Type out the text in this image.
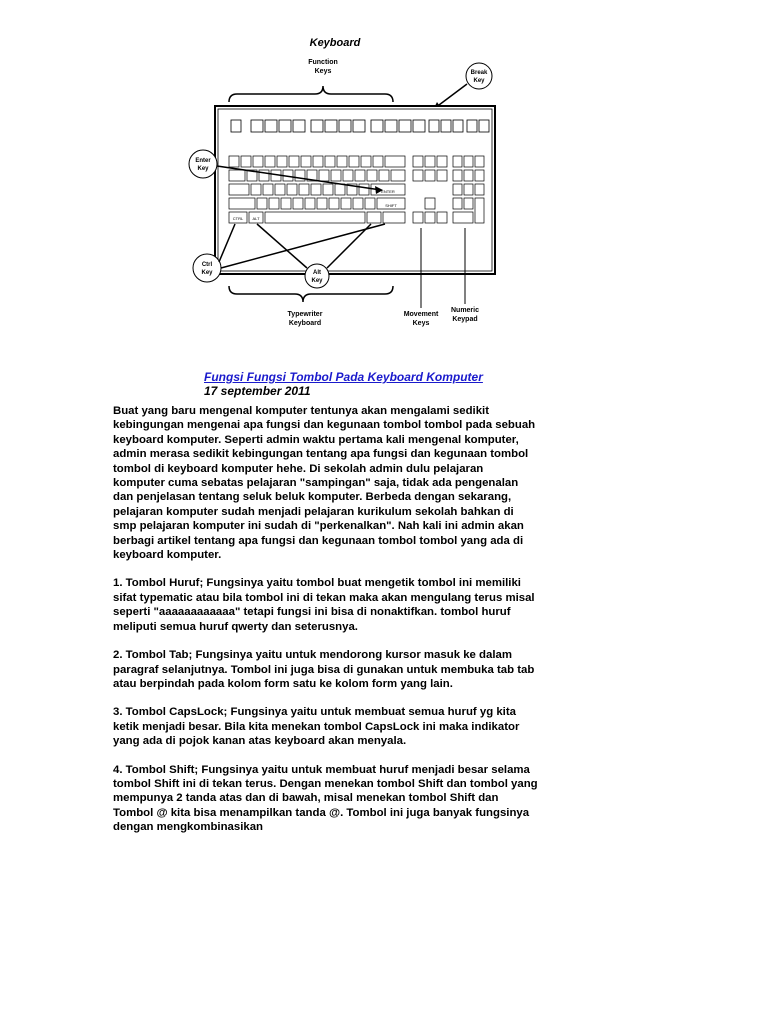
Keyboard
Function
Keys	Break
Key
ENTER
SHIFT
CTRL ALT
Enter
Key
Ctrl
Key	Alt
Key
Typewriter
Keyboard
Movement
Keys
Numeric
Keypad
Fungsi Fungsi Tombol Pada Keyboard Komputer
17 september 2011

Buat yang baru mengenal komputer tentunya akan mengalami sedikit kebingungan mengenai apa fungsi dan kegunaan tombol tombol pada sebuah keyboard komputer. Seperti admin waktu pertama kali mengenal komputer, admin merasa sedikit kebingungan tentang apa fungsi dan kegunaan tombol tombol di keyboard komputer hehe. Di sekolah admin dulu pelajaran komputer cuma sebatas pelajaran "sampingan" saja, tidak ada pengenalan dan penjelasan tentang seluk beluk komputer. Berbeda dengan sekarang, pelajaran komputer sudah menjadi pelajaran kurikulum sekolah bahkan di smp pelajaran komputer ini sudah di "perkenalkan". Nah kali ini admin akan berbagi artikel tentang apa fungsi dan kegunaan tombol tombol yang ada di keyboard komputer.

1. Tombol Huruf; Fungsinya yaitu tombol buat mengetik tombol ini memiliki sifat typematic atau bila tombol ini di tekan maka akan mengulang terus misal seperti "aaaaaaaaaaaa" tetapi fungsi ini bisa di nonaktifkan. tombol huruf meliputi semua huruf qwerty dan seterusnya.

2. Tombol Tab; Fungsinya yaitu untuk mendorong kursor masuk ke dalam paragraf selanjutnya. Tombol ini juga bisa di gunakan untuk membuka tab tab atau berpindah pada kolom form satu ke kolom form yang lain.

3. Tombol CapsLock; Fungsinya yaitu untuk membuat semua huruf yg kita ketik menjadi besar. Bila kita menekan tombol CapsLock ini maka indikator yang ada di pojok kanan atas keyboard akan menyala.

4. Tombol Shift; Fungsinya yaitu untuk membuat huruf menjadi besar selama tombol Shift ini di tekan terus. Dengan menekan tombol Shift dan tombol yang mempunya 2 tanda atas dan di bawah, misal menekan tombol Shift dan Tombol @ kita bisa menampilkan tanda @. Tombol ini juga banyak fungsinya dengan mengkombinasikan
